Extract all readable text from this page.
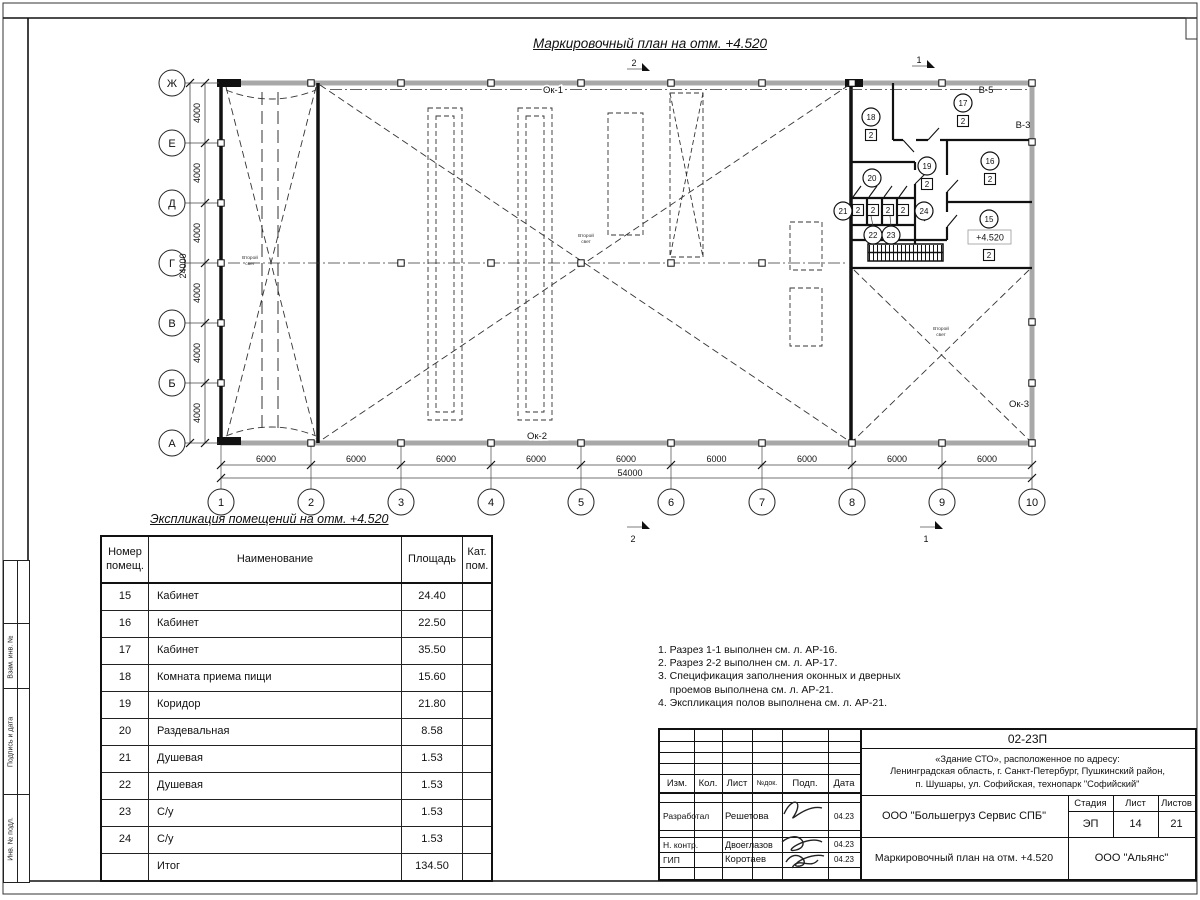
Ок-1
Ок-2
Ок-3
В-5
В-3
+4.520
2	1
2	1
Ж
Е
Д
Г
В
Б
А
4000
4000
4000
4000
4000
4000
24000
1	2	3	4	5	6	7	8	9	10
6000	6000	6000	6000	6000	6000	6000	6000	6000
54000
Второй
свет
Второй
свет
Второй
свет
15
2
16
2
17
2
18
2
19
2
20
21 2
22
2
23
2	24
2
Маркировочный план на отм. +4.520
Экспликация помещений на отм. +4.520
Номер помещ.	Наименование	Площадь	Кат. пом.
15	Кабинет	24.40	
16	Кабинет	22.50	
17	Кабинет	35.50	
18	Комната приема пищи	15.60	
19	Коридор	21.80	
20	Раздевальная	8.58	
21	Душевая	1.53	
22	Душевая	1.53	
23	С/у	1.53	
24	С/у	1.53	
	Итог	134.50	
1. Разрез 1-1 выполнен см. л. АР-16.
2. Разрез 2-2 выполнен см. л. АР-17.
3. Спецификация заполнения оконных и дверных
проемов выполнена см. л. АР-21.
4. Экспликация полов выполнена см. л. АР-21.
Изм.	Кол. Лист	№док.	Подп.	Дата
Разработал	Решетова	04.23
Н. контр.	Двоеглазов	04.23
ГИП	Коротаев	04.23
02-23П
«Здание СТО», расположенное по адресу:
Ленинградская область, г. Санкт-Петербург, Пушкинский район,
п. Шушары, ул. Софийская, технопарк "Софийский"
ООО "Большегруз Сервис СПБ"
Стадия	Лист	Листов
ЭП	14	21
Маркировочный план на отм. +4.520	ООО "Альянс"
Взам. инв. №
Подпись и дата
Инв. № подл.
